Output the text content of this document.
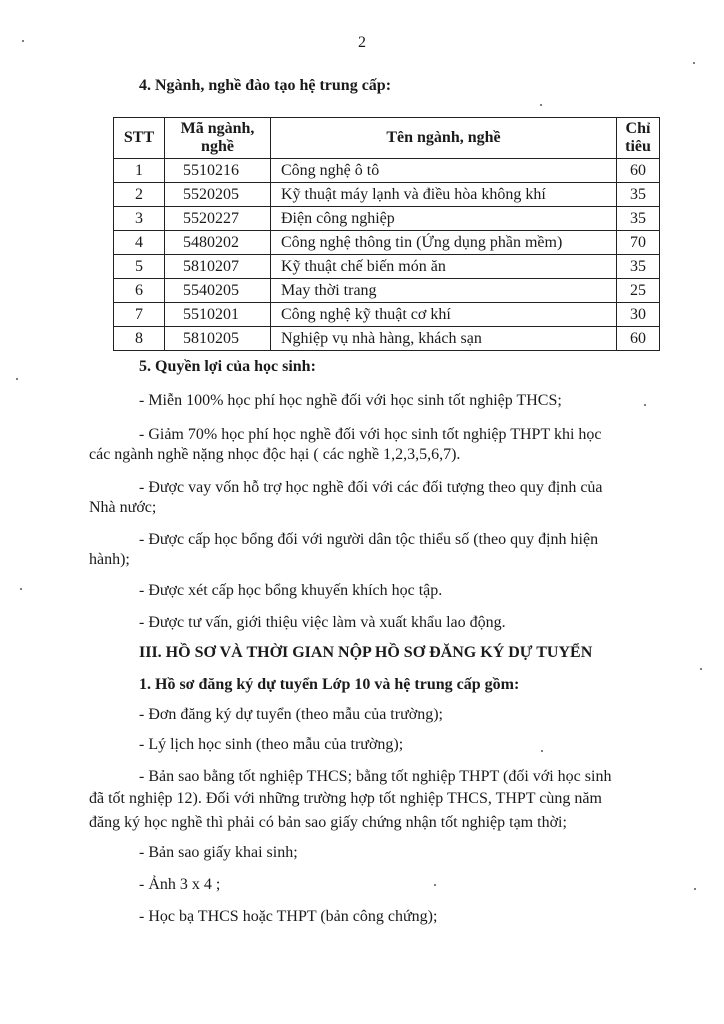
2
4. Ngành, nghề đào tạo hệ trung cấp:
STT	Mã ngành, nghề	Tên ngành, nghề	Chỉ tiêu
1	5510216	Công nghệ ô tô	60
2	5520205	Kỹ thuật máy lạnh và điều hòa không khí	35
3	5520227	Điện công nghiệp	35
4	5480202	Công nghệ thông tin (Ứng dụng phần mềm)	70
5	5810207	Kỹ thuật chế biến món ăn	35
6	5540205	May thời trang	25
7	5510201	Công nghệ kỹ thuật cơ khí	30
8	5810205	Nghiệp vụ nhà hàng, khách sạn	60
5. Quyền lợi của học sinh:
- Miễn 100% học phí học nghề đối với học sinh tốt nghiệp THCS;
- Giảm 70% học phí học nghề đối với học sinh tốt nghiệp THPT khi học
các ngành nghề nặng nhọc độc hại ( các nghề 1,2,3,5,6,7).
- Được vay vốn hỗ trợ học nghề đối với các đối tượng theo quy định của
Nhà nước;
- Được cấp học bổng đối với người dân tộc thiểu số (theo quy định hiện
hành);
- Được xét cấp học bổng khuyến khích học tập.
- Được tư vấn, giới thiệu việc làm và xuất khẩu lao động.
III. HỒ SƠ VÀ THỜI GIAN NỘP HỒ SƠ ĐĂNG KÝ DỰ TUYỂN
1. Hồ sơ đăng ký dự tuyển Lớp 10 và hệ trung cấp gồm:
- Đơn đăng ký dự tuyển (theo mẫu của trường);
- Lý lịch học sinh (theo mẫu của trường);
- Bản sao bằng tốt nghiệp THCS; bằng tốt nghiệp THPT (đối với học sinh
đã tốt nghiệp 12). Đối với những trường hợp tốt nghiệp THCS, THPT cùng năm
đăng ký học nghề thì phải có bản sao giấy chứng nhận tốt nghiệp tạm thời;
- Bản sao giấy khai sinh;
- Ảnh 3 x 4 ;
- Học bạ THCS hoặc THPT (bản công chứng);
